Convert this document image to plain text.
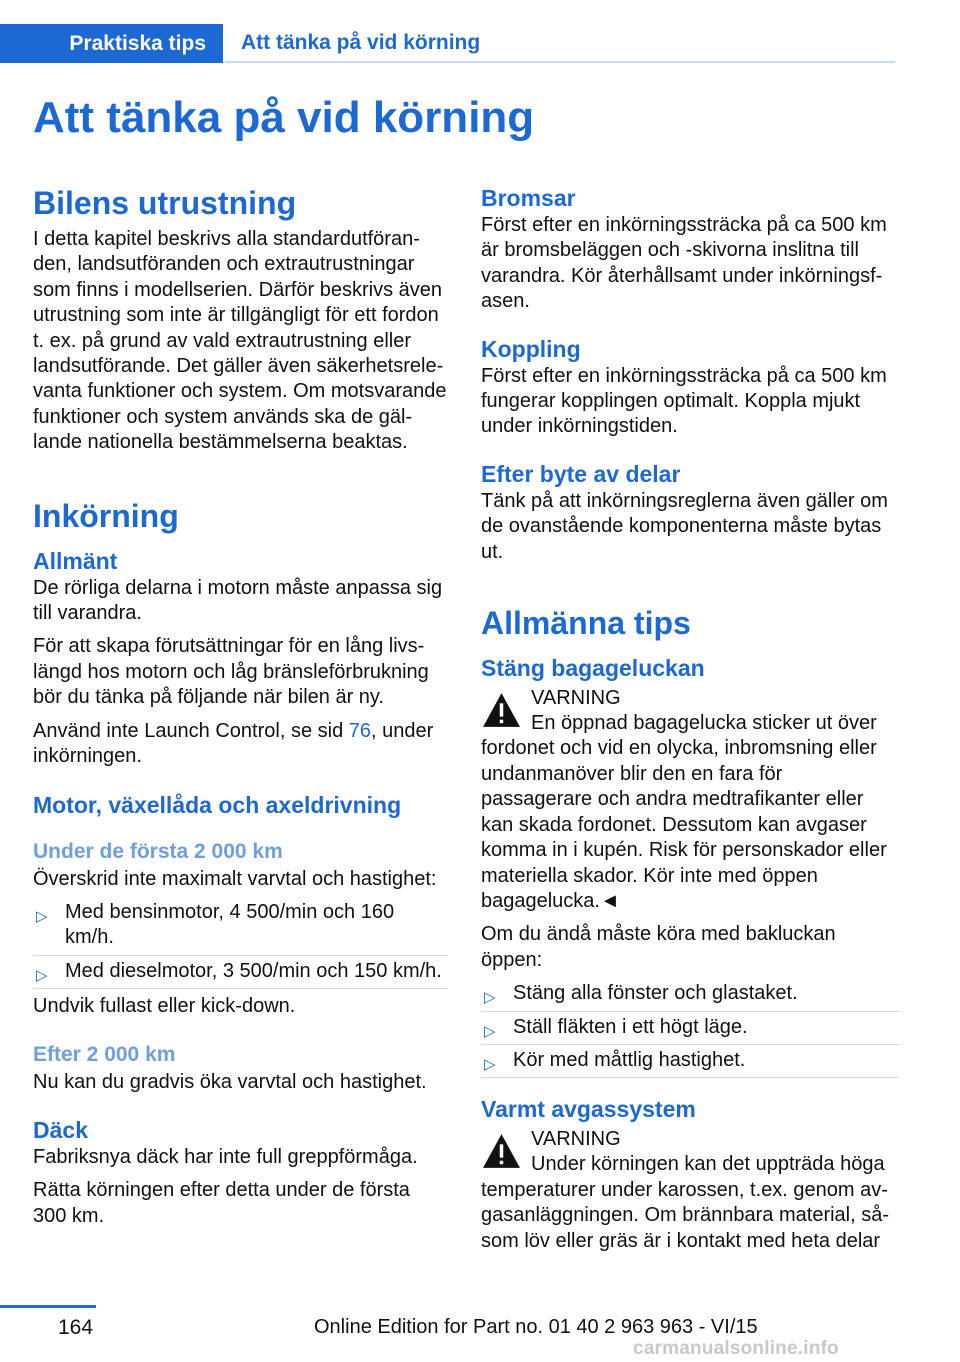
Praktiska tips	Att tänka på vid körning
Att tänka på vid körning
Bilens utrustning

I detta kapitel beskrivs alla standardutföranden, landsutföranden och extrautrustningar som finns i modellserien. Därför beskrivs även utrustning som inte är tillgängligt för ett fordon t. ex. på grund av vald extrautrustning eller landsutförande. Det gäller även säkerhetsrelevanta funktioner och system. Om motsvarande funktioner och system används ska de gällande nationella bestämmelserna beaktas.

Inkörning
Allmänt

De rörliga delarna i motorn måste anpassa sig till varandra.

För att skapa förutsättningar för en lång livslängd hos motorn och låg bränsleförbrukning bör du tänka på följande när bilen är ny.

Använd inte Launch Control, se sid 76, under inkörningen.

Motor, växellåda och axeldrivning
Under de första 2 000 km

Överskrid inte maximalt varvtal och hastighet:

▷ Med bensinmotor, 4 500/min och 160 km/h.
▷ Med dieselmotor, 3 500/min och 150 km/h.

Undvik fullast eller kick-down.

Efter 2 000 km

Nu kan du gradvis öka varvtal och hastighet.

Däck

Fabriksnya däck har inte full greppförmåga.

Rätta körningen efter detta under de första 300 km.

Bromsar

Först efter en inkörningssträcka på ca 500 km är bromsbeläggen och -skivorna inslitna till varandra. Kör återhållsamt under inkörningsfasen.

Koppling

Först efter en inkörningssträcka på ca 500 km fungerar kopplingen optimalt. Koppla mjukt under inkörningstiden.

Efter byte av delar

Tänk på att inkörningsreglerna även gäller om de ovanstående komponenterna måste bytas ut.

Allmänna tips
Stäng bagageluckan
VARNING

En öppnad bagagelucka sticker ut över fordonet och vid en olycka, inbromsning eller undanmanöver blir den en fara för passagerare och andra medtrafikanter eller kan skada fordonet. Dessutom kan avgaser komma in i kupén. Risk för personskador eller materiella skador. Kör inte med öppen bagagelucka.◄

Om du ändå måste köra med bakluckan öppen:

▷ Stäng alla fönster och glastaket.
▷ Ställ fläkten i ett högt läge.
▷ Kör med måttlig hastighet.
Varmt avgassystem
VARNING

Under körningen kan det uppträda höga temperaturer under karossen, t.ex. genom avgasanläggningen. Om brännbara material, såsom löv eller gräs är i kontakt med heta delar

164	Online Edition for Part no. 01 40 2 963 963 - VI/15
carmanualsonline.info
